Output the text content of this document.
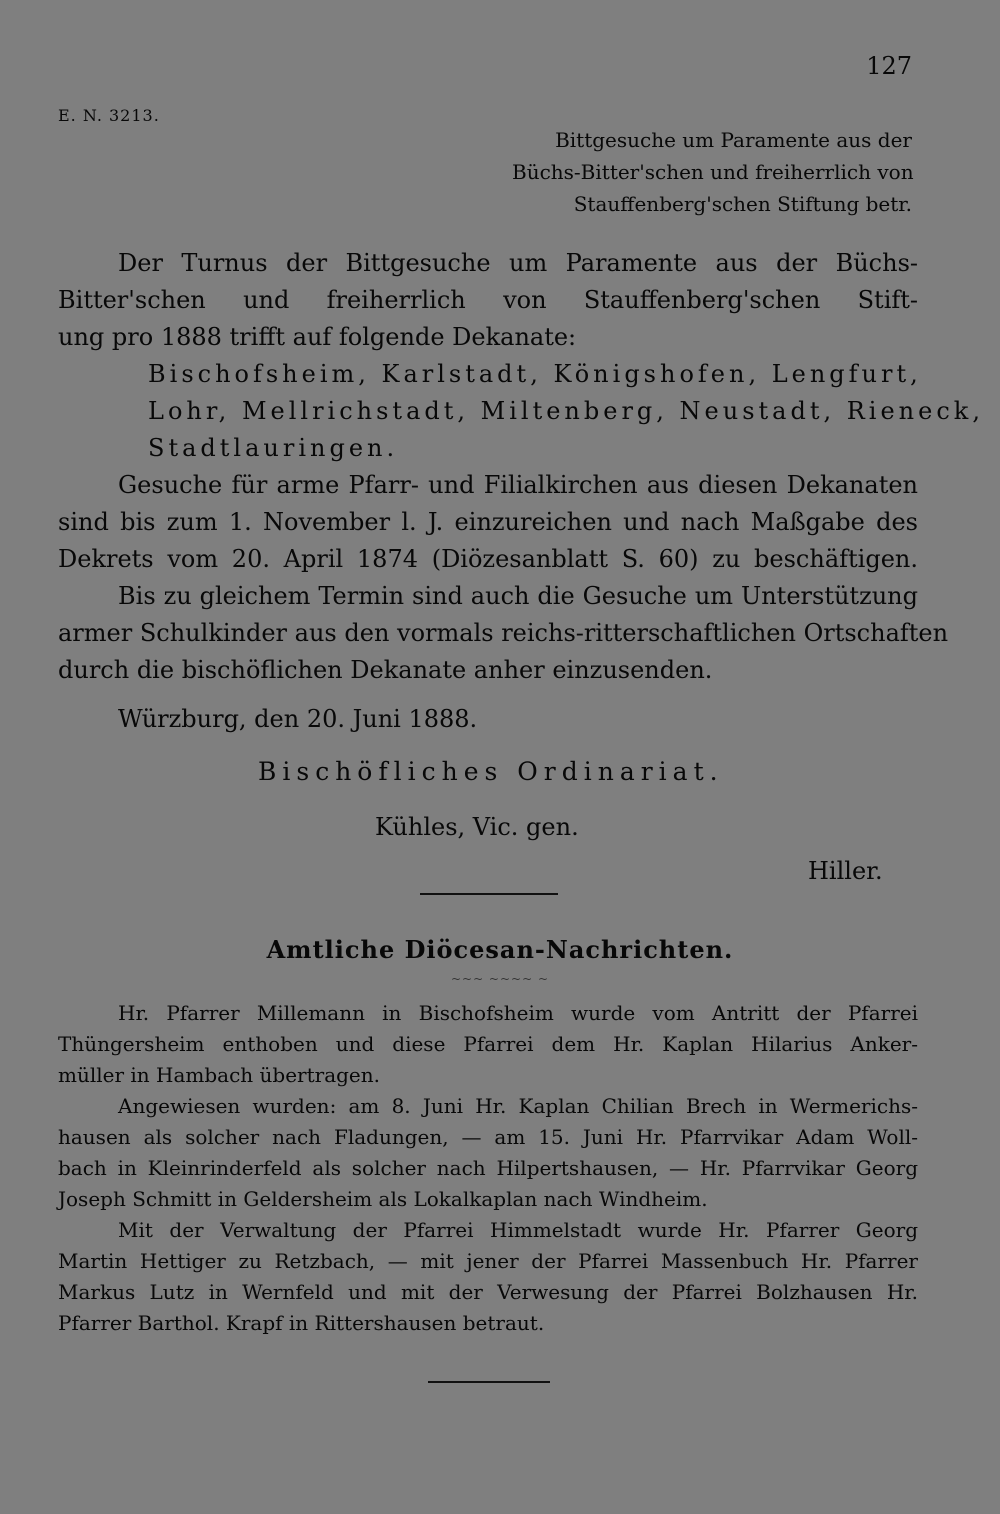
127
E. N. 3213.

Bittgesuche um Paramente aus der

Büchs-Bitter'schen und freiherrlich von

Stauffenberg'schen Stiftung betr.

Der Turnus der Bittgesuche um Paramente aus der Büchs-

Bitter'schen und freiherrlich von Stauffenberg'schen Stift-

ung pro 1888 trifft auf folgende Dekanate:

Bischofsheim, Karlstadt, Königshofen, Lengfurt,

Lohr, Mellrichstadt, Miltenberg, Neustadt, Rieneck,

Stadtlauringen.

Gesuche für arme Pfarr- und Filialkirchen aus diesen Dekanaten

sind bis zum 1. November l. J. einzureichen und nach Maßgabe des

Dekrets vom 20. April 1874 (Diözesanblatt S. 60) zu beschäftigen.

Bis zu gleichem Termin sind auch die Gesuche um Unterstützung

armer Schulkinder aus den vormals reichs-ritterschaftlichen Ortschaften

durch die bischöflichen Dekanate anher einzusenden.

Würzburg, den 20. Juni 1888.
Bischöfliches Ordinariat.
Kühles, Vic. gen.
Hiller.
Amtliche Diöcesan-Nachrichten.
~~~ ~~~~ ~

Hr. Pfarrer Millemann in Bischofsheim wurde vom Antritt der Pfarrei

Thüngersheim enthoben und diese Pfarrei dem Hr. Kaplan Hilarius Anker-

müller in Hambach übertragen.

Angewiesen wurden: am 8. Juni Hr. Kaplan Chilian Brech in Wermerichs-

hausen als solcher nach Fladungen, — am 15. Juni Hr. Pfarrvikar Adam Woll-

bach in Kleinrinderfeld als solcher nach Hilpertshausen, — Hr. Pfarrvikar Georg

Joseph Schmitt in Geldersheim als Lokalkaplan nach Windheim.

Mit der Verwaltung der Pfarrei Himmelstadt wurde Hr. Pfarrer Georg

Martin Hettiger zu Retzbach, — mit jener der Pfarrei Massenbuch Hr. Pfarrer

Markus Lutz in Wernfeld und mit der Verwesung der Pfarrei Bolzhausen Hr.

Pfarrer Barthol. Krapf in Rittershausen betraut.
